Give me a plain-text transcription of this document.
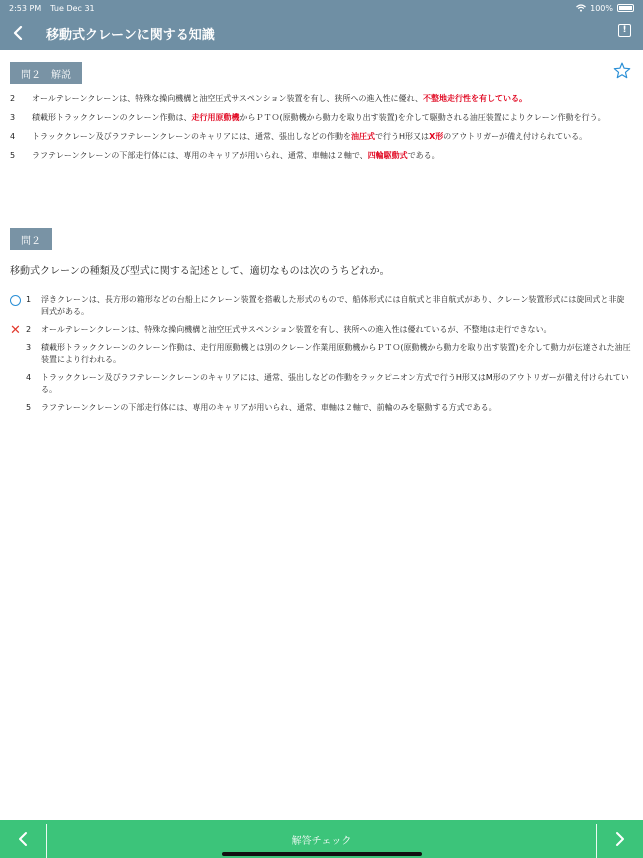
2:53 PM Tue Dec 31	100%
移動式クレーンに関する知識	!
問２　解説
2	オールテレーンクレーンは、特殊な操向機構と油空圧式サスペンション装置を有し、狭所への進入性に優れ、不整地走行性を有している。
3	積載形トラッククレーンのクレーン作動は、走行用原動機からＰＴＯ(原動機から動力を取り出す装置)を介して駆動される油圧装置によりクレーン作動を行う。
4	トラッククレーン及びラフテレーンクレーンのキャリアには、通常、張出しなどの作動を油圧式で行うH形又はX形のアウトリガーが備え付けられている。
5	ラフテレーンクレーンの下部走行体には、専用のキャリアが用いられ、通常、車軸は２軸で、四輪駆動式である。
問２
移動式クレーンの種類及び型式に関する記述として、適切なものは次のうちどれか。
1	浮きクレーンは、長方形の箱形などの台船上にクレーン装置を搭載した形式のもので、船体形式には自航式と非自航式があり、クレーン装置形式には旋回式と非旋回式がある。
✕ 2	オールテレーンクレーンは、特殊な操向機構と油空圧式サスペンション装置を有し、狭所への進入性は優れているが、不整地は走行できない。
3	積載形トラッククレーンのクレーン作動は、走行用原動機とは別のクレーン作業用原動機からＰＴＯ(原動機から動力を取り出す装置)を介して動力が伝達された油圧装置により行われる。
4	トラッククレーン及びラフテレーンクレーンのキャリアには、通常、張出しなどの作動をラックピニオン方式で行うH形又はM形のアウトリガーが備え付けられている。
5	ラフテレーンクレーンの下部走行体には、専用のキャリアが用いられ、通常、車軸は２軸で、前輪のみを駆動する方式である。
解答チェック
